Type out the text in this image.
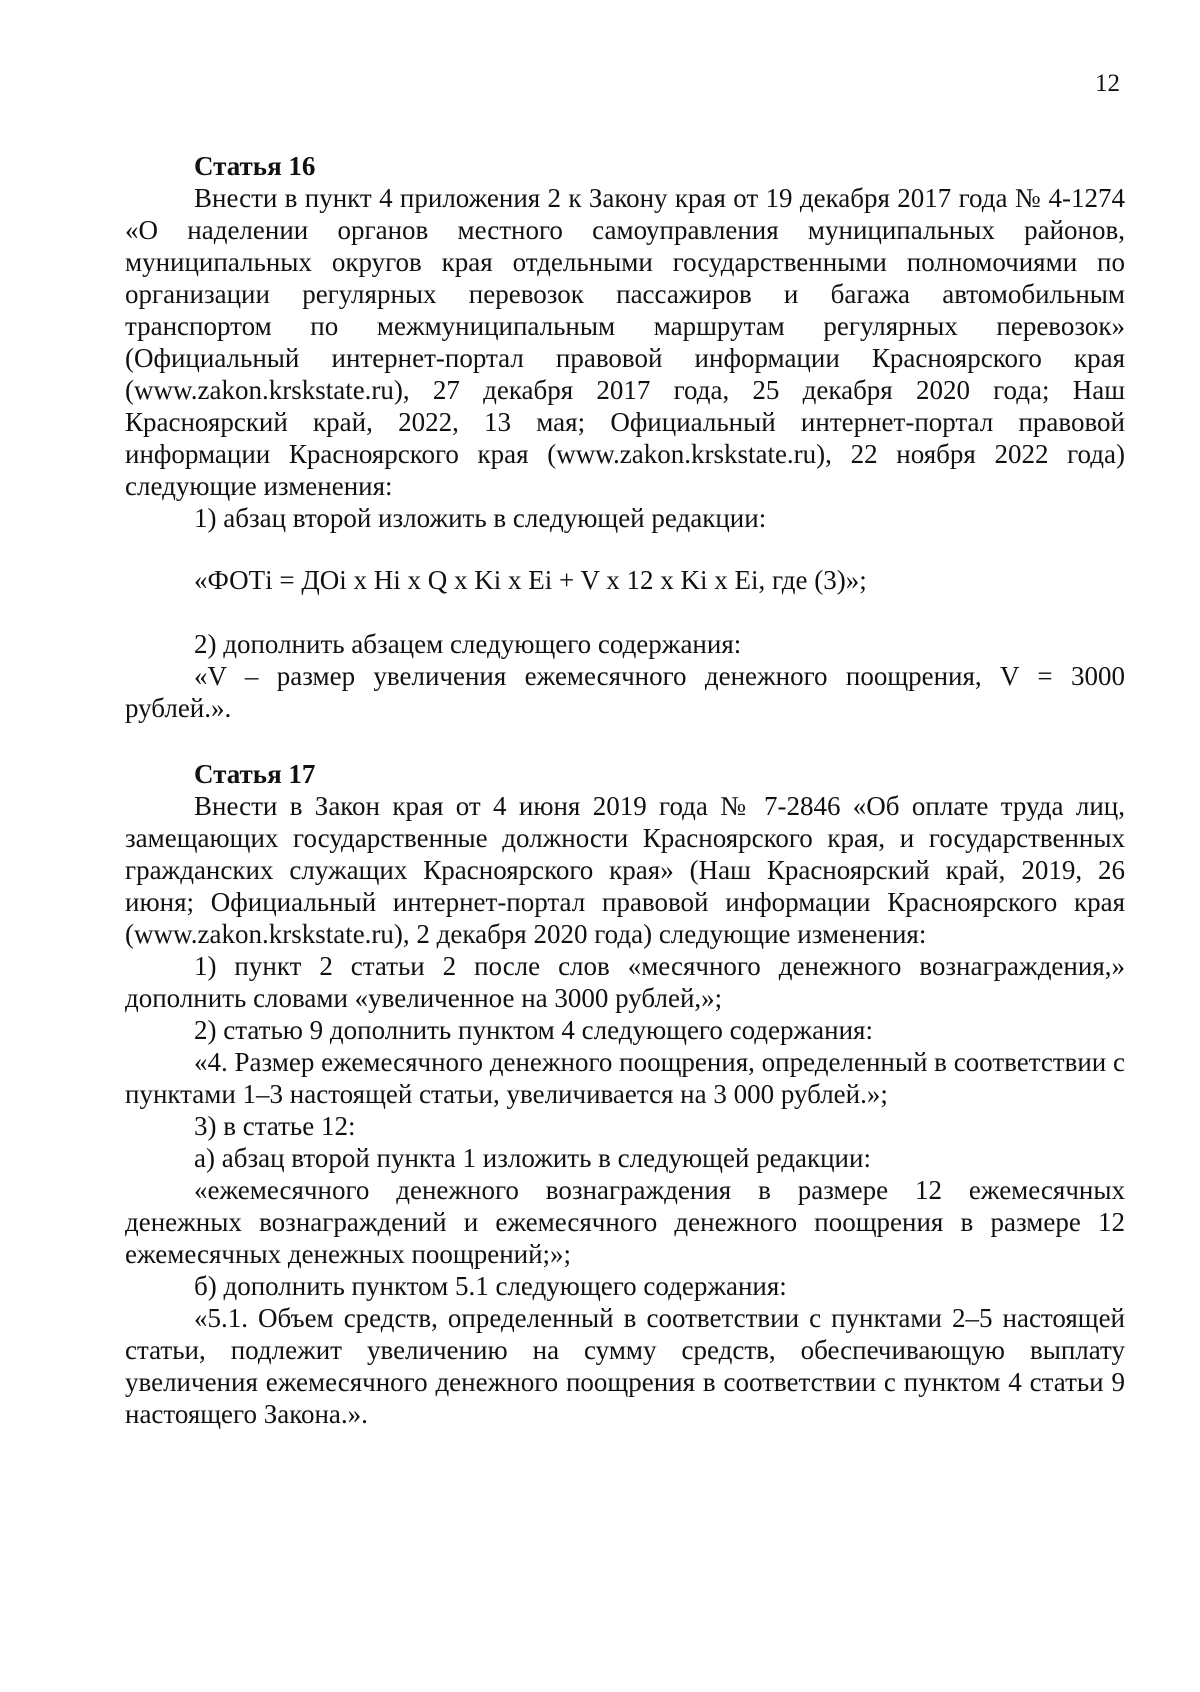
12

Статья 16

Внести в пункт 4 приложения 2 к Закону края от 19 декабря 2017 года № 4-1274 «О наделении органов местного самоуправления муниципальных районов, муниципальных округов края отдельными государственными полномочиями по организации регулярных перевозок пассажиров и багажа автомобильным транспортом по межмуниципальным маршрутам регулярных перевозок» (Официальный интернет-портал правовой информации Красноярского края (www.zakon.krskstate.ru), 27 декабря 2017 года, 25 декабря 2020 года; Наш Красноярский край, 2022, 13 мая; Официальный интернет-портал правовой информации Красноярского края (www.zakon.krskstate.ru), 22 ноября 2022 года) следующие изменения:

1) абзац второй изложить в следующей редакции:

«ФОТi = ДОi x Hi x Q x Ki x Ei + V x 12 x Ki x Ei, где (3)»;

2) дополнить абзацем следующего содержания:

«V – размер увеличения ежемесячного денежного поощрения, V = 3000 рублей.».

Статья 17

Внести в Закон края от 4 июня 2019 года № 7-2846 «Об оплате труда лиц, замещающих государственные должности Красноярского края, и государственных гражданских служащих Красноярского края» (Наш Красноярский край, 2019, 26 июня; Официальный интернет-портал правовой информации Красноярского края (www.zakon.krskstate.ru), 2 декабря 2020 года) следующие изменения:

1) пункт 2 статьи 2 после слов «месячного денежного вознаграждения,» дополнить словами «увеличенное на 3000 рублей,»;

2) статью 9 дополнить пунктом 4 следующего содержания:

«4. Размер ежемесячного денежного поощрения, определенный в соответствии с пунктами 1–3 настоящей статьи, увеличивается на 3 000 рублей.»;

3) в статье 12:

а) абзац второй пункта 1 изложить в следующей редакции:

«ежемесячного денежного вознаграждения в размере 12 ежемесячных денежных вознаграждений и ежемесячного денежного поощрения в размере 12 ежемесячных денежных поощрений;»;

б) дополнить пунктом 5.1 следующего содержания:

«5.1. Объем средств, определенный в соответствии с пунктами 2–5 настоящей статьи, подлежит увеличению на сумму средств, обеспечивающую выплату увеличения ежемесячного денежного поощрения в соответствии с пунктом 4 статьи 9 настоящего Закона.».
